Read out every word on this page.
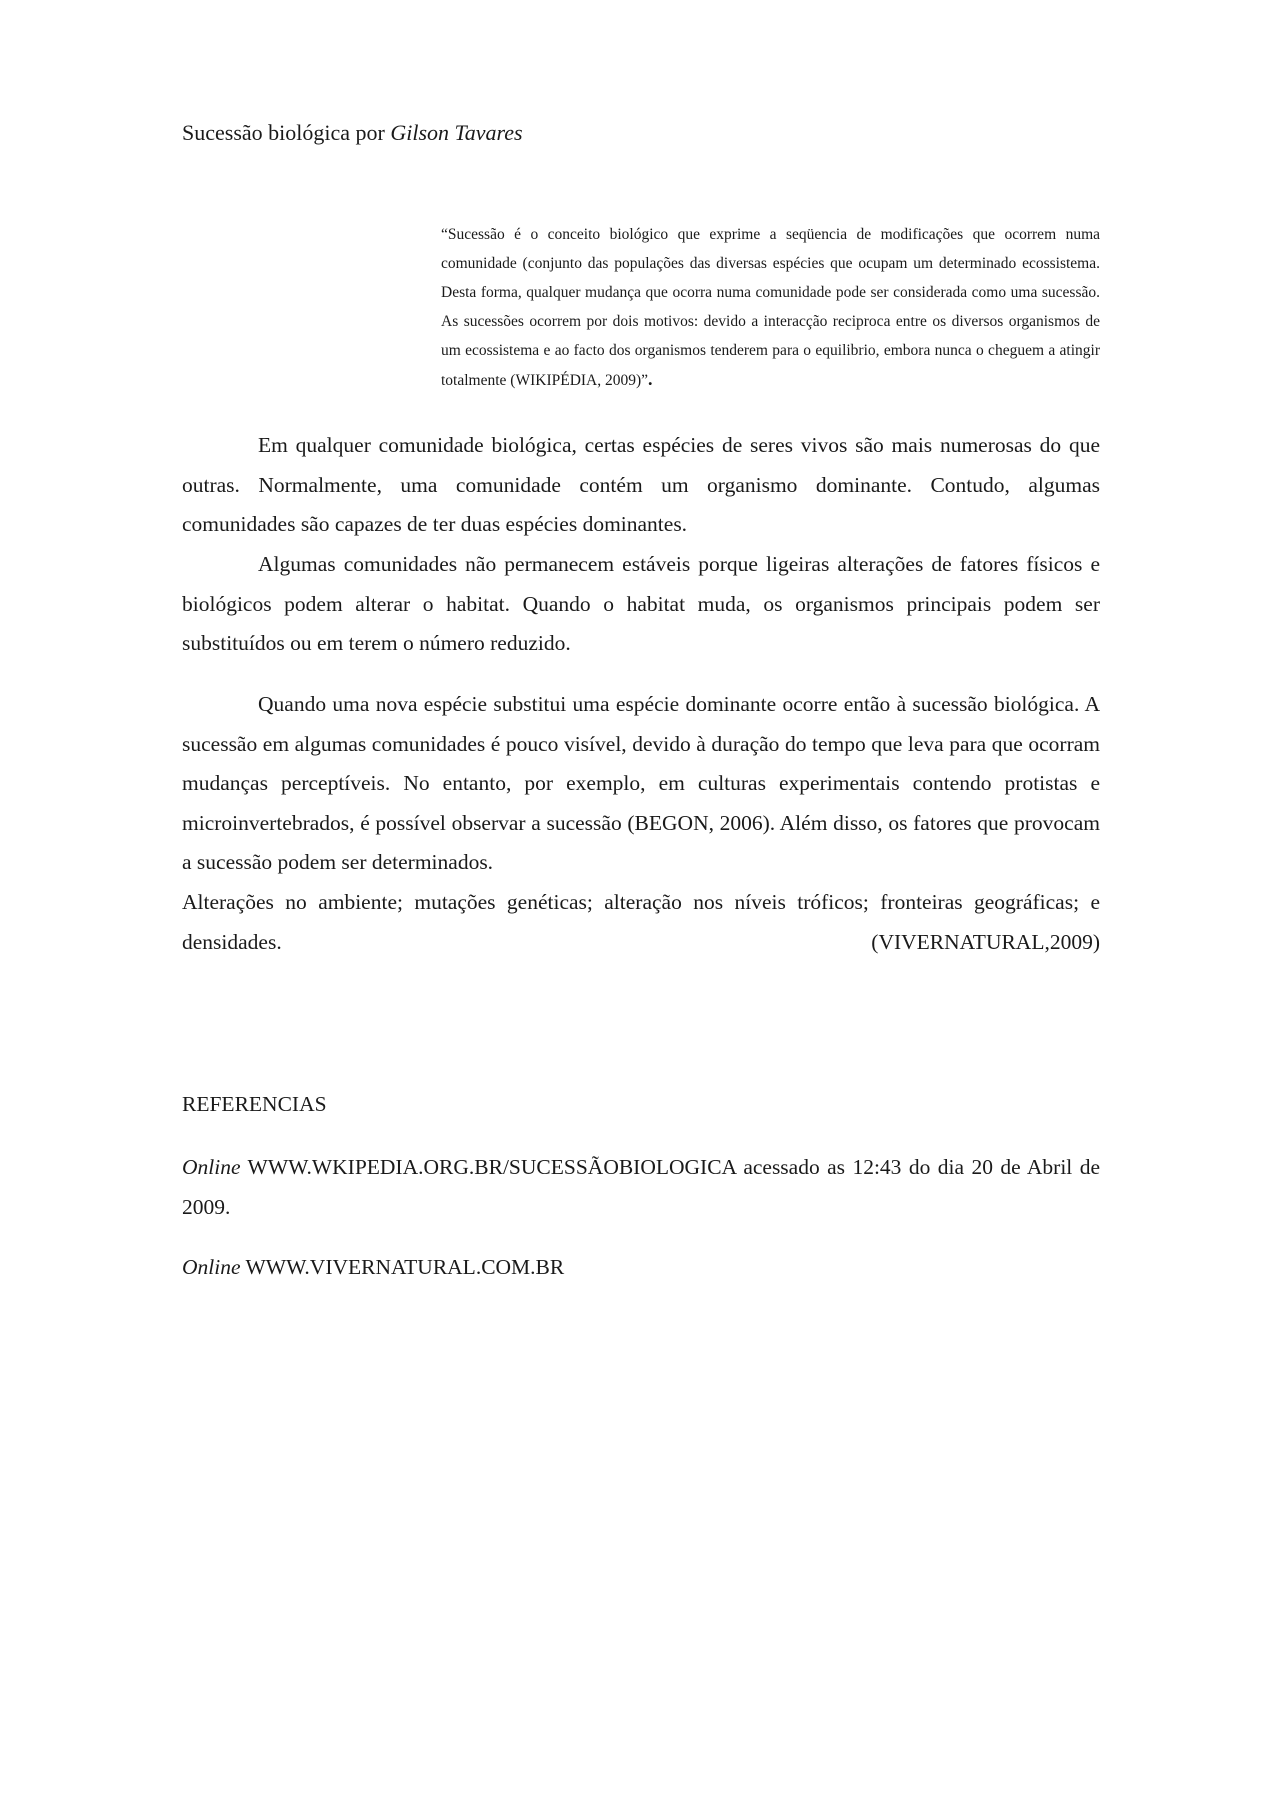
Sucessão biológica por Gilson Tavares

“Sucessão é o conceito biológico que exprime a seqüencia de modificações que ocorrem numa comunidade (conjunto das populações das diversas espécies que ocupam um determinado ecossistema. Desta forma, qualquer mudança que ocorra numa comunidade pode ser considerada como uma sucessão. As sucessões ocorrem por dois motivos: devido a interacção reciproca entre os diversos organismos de um ecossistema e ao facto dos organismos tenderem para o equilibrio, embora nunca o cheguem a atingir totalmente (WIKIPÉDIA, 2009)”.

Em qualquer comunidade biológica, certas espécies de seres vivos são mais numerosas do que outras. Normalmente, uma comunidade contém um organismo dominante. Contudo, algumas comunidades são capazes de ter duas espécies dominantes.

Algumas comunidades não permanecem estáveis porque ligeiras alterações de fatores físicos e biológicos podem alterar o habitat. Quando o habitat muda, os organismos principais podem ser substituídos ou em terem o número reduzido.

Quando uma nova espécie substitui uma espécie dominante ocorre então à sucessão biológica. A sucessão em algumas comunidades é pouco visível, devido à duração do tempo que leva para que ocorram mudanças perceptíveis. No entanto, por exemplo, em culturas experimentais contendo protistas e microinvertebrados, é possível observar a sucessão (BEGON, 2006). Além disso, os fatores que provocam a sucessão podem ser determinados.

Alterações no ambiente; mutações genéticas; alteração nos níveis tróficos; fronteiras geográficas; e densidades. (VIVERNATURAL,2009)

REFERENCIAS

Online WWW.WKIPEDIA.ORG.BR/SUCESSÃOBIOLOGICA acessado as 12:43 do dia 20 de Abril de 2009.

Online WWW.VIVERNATURAL.COM.BR
